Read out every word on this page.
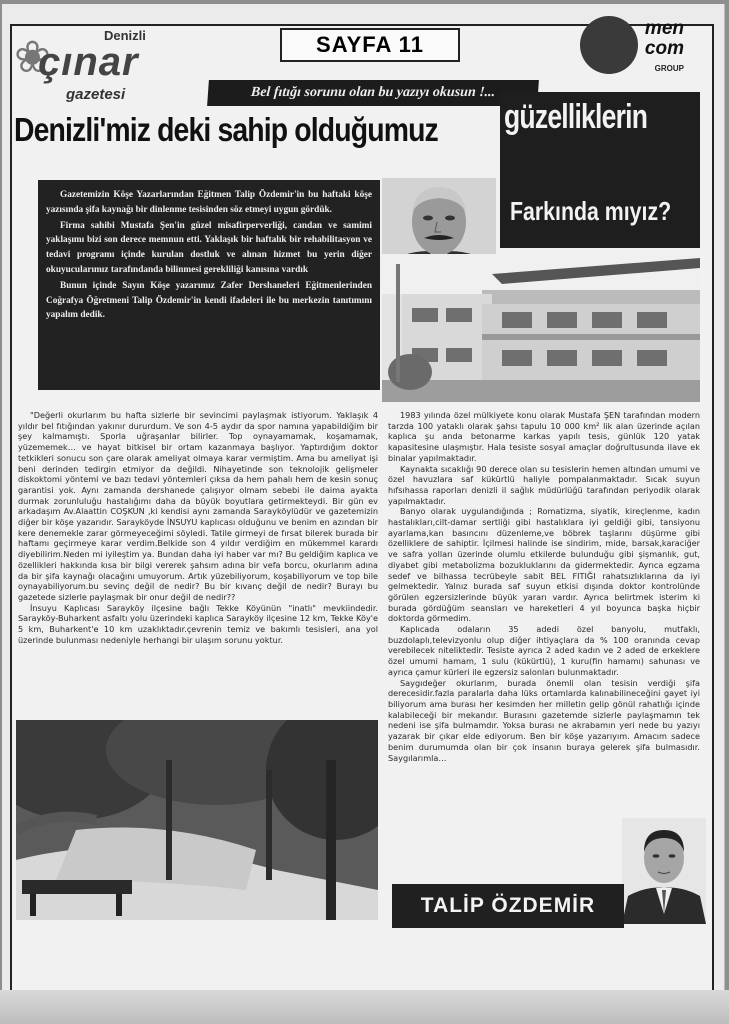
❀	Denizli
çınar
gazetesi
SAYFA 11
men
com
GROUP
Bel fıtığı sorunu olan bu yazıyı okusun !...
Denizli'miz deki sahip olduğumuz güzelliklerin
Farkında mıyız?

Gazetemizin Köşe Yazarlarından Eğitmen Talip Özdemir'in bu haftaki köşe yazısında şifa kaynağı bir dinlenme tesisinden söz etmeyi uygun gördük.

Firma sahibi Mustafa Şen'in güzel misafirperverliği, candan ve samimi yaklaşımı bizi son derece memnun etti. Yaklaşık bir haftalık bir rehabilitasyon ve tedavi programı içinde kurulan dostluk ve alınan hizmet bu yerin diğer okuyucularımız tarafındanda bilinmesi gerekliliği kanısına vardık

Bunun içinde Sayın Köşe yazarımız Zafer Dershaneleri Eğitmenlerinden Coğrafya Öğretmeni Talip Özdemir'in kendi ifadeleri ile bu merkezin tanıtımını yapalım dedik.

"Değerli okurlarım bu hafta sizlerle bir sevincimi paylaşmak istiyorum. Yaklaşık 4 yıldır bel fıtığından yakınır dururdum. Ve son 4-5 aydır da spor namına yapabildiğim bir şey kalmamıştı. Sporla uğraşanlar bilirler. Top oynayamamak, koşamamak, yüzememek… ve hayat bitkisel bir ortam kazanmaya başlıyor. Yaptırdığım doktor tetkikleri sonucu son çare olarak ameliyat olmaya karar vermiştim. Ama bu ameliyat işi beni derinden tedirgin etmiyor da değildi. Nihayetinde son teknolojik gelişmeler diskoktomi yöntemi ve bazı tedavi yöntemleri çıksa da hem pahalı hem de kesin sonuç garantisi yok. Aynı zamanda dershanede çalışıyor olmam sebebi ile daima ayakta durmak zorunluluğu hastalığımı daha da büyük boyutlara getirmekteydi. Bir gün ev arkadaşım Av.Alaattin COŞKUN ,ki kendisi aynı zamanda Sarayköylüdür ve gazetemizin diğer bir köşe yazarıdır. Sarayköyde İNSUYU kaplıcası olduğunu ve benim en azından bir kere denemekle zarar görmeyeceğimi söyledi. Tatile girmeyi de fırsat bilerek burada bir haftamı geçirmeye karar verdim.Belkide son 4 yıldır verdiğim en mükemmel karardı diyebilirim.Neden mi iyileştim ya. Bundan daha iyi haber var mı? Bu geldiğim kaplıca ve özellikleri hakkında kısa bir bilgi vererek şahsım adına bir vefa borcu, okurlarım adına da bir şifa kaynağı olacağını umuyorum. Artık yüzebiliyorum, koşabiliyorum ve top bile oynayabiliyorum.bu sevinç değil de nedir? Bu bir kıvanç değil de nedir? Burayı bu gazetede sizlerle paylaşmak bir onur değil de nedir??

İnsuyu Kaplıcası Sarayköy ilçesine bağlı Tekke Köyünün "inatlı" mevkiindedir. Sarayköy-Buharkent asfaltı yolu üzerindeki kaplıca Sarayköy ilçesine 12 km, Tekke Köy'e 5 km, Buharkent'e 10 km uzaklıktadır.çevrenin temiz ve bakımlı tesisleri, ana yol üzerinde bulunması nedeniyle herhangi bir ulaşım sorunu yoktur.

1983 yılında özel mülkiyete konu olarak Mustafa ŞEN tarafından modern tarzda 100 yataklı olarak şahsı tapulu 10 000 km² lik alan üzerinde açılan kaplıca şu anda betonarme karkas yapılı tesis, günlük 120 yatak kapasitesine ulaşmıştır. Hala tesiste sosyal amaçlar doğrultusunda ilave ek binalar yapılmaktadır.

Kaynakta sıcaklığı 90 derece olan su tesislerin hemen altından umumi ve özel havuzlara saf kükürtlü haliyle pompalanmaktadır. Sıcak suyun hıfsıhassa raporları denizli il sağlık müdürlüğü tarafından periyodik olarak yapılmaktadır.

Banyo olarak uygulandığında ; Romatizma, siyatik, kireçlenme, kadın hastalıkları,cilt-damar sertliği gibi hastalıklara iyi geldiği gibi, tansiyonu ayarlama,kan basıncını düzenleme,ve böbrek taşlarını düşürme gibi özelliklere de sahiptir. İçilmesi halinde ise sindirim, mide, barsak,karaciğer ve safra yolları üzerinde olumlu etkilerde bulunduğu gibi şişmanlık, gut, diyabet gibi metabolizma bozukluklarını da gidermektedir. Ayrıca egzama sedef ve bilhassa tecrübeyle sabit BEL FITIĞI rahatsızlıklarına da iyi gelmektedir. Yalnız burada saf suyun etkisi dışında doktor kontrolünde görülen egzersizlerinde büyük yararı vardır. Ayrıca belirtmek isterim ki burada gördüğüm seansları ve hareketleri 4 yıl boyunca başka hiçbir doktorda görmedim.

Kaplıcada odaların 35 adedi özel banyolu, mutfaklı, buzdolaplı,televizyonlu olup diğer ihtiyaçlara da % 100 oranında cevap verebilecek niteliktedir. Tesiste ayrıca 2 aded kadın ve 2 aded de erkeklere özel umumi hamam, 1 sulu (kükürtlü), 1 kuru(fin hamamı) sahunası ve ayrıca çamur kürleri ile egzersiz salonları bulunmaktadır.

Saygıdeğer okurlarım, burada önemli olan tesisin verdiği şifa derecesidir.fazla paralarla daha lüks ortamlarda kalınabilineceğini gayet iyi biliyorum ama burası her kesimden her milletin gelip gönül rahatlığı içinde kalabileceği bir mekandır. Burasını gazetemde sizlerle paylaşmamın tek nedeni ise şifa bulmamdır. Yoksa burası ne akrabamın yeri nede bu yazıyı yazarak bir çıkar elde ediyorum. Ben bir köşe yazarıyım. Amacım sadece benim durumumda olan bir çok insanın buraya gelerek şifa bulmasıdır. Saygılarımla…

TALİP ÖZDEMİR
